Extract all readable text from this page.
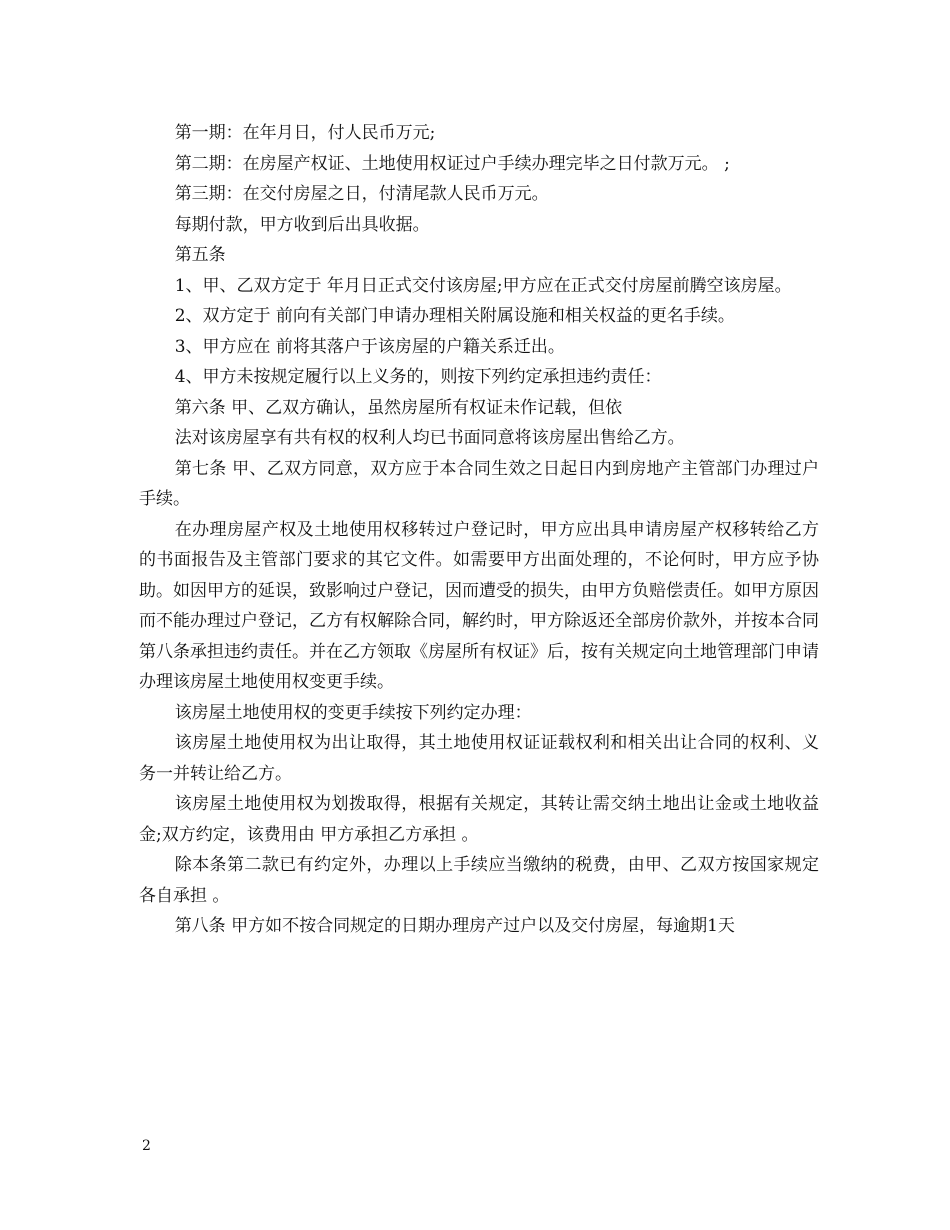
第一期：在年月日，付人民币万元;

第二期：在房屋产权证、土地使用权证过户手续办理完毕之日付款万元。 ;

第三期：在交付房屋之日，付清尾款人民币万元。

每期付款，甲方收到后出具收据。

第五条

1、甲、乙双方定于 年月日正式交付该房屋;甲方应在正式交付房屋前腾空该房屋。

2、双方定于 前向有关部门申请办理相关附属设施和相关权益的更名手续。

3、甲方应在 前将其落户于该房屋的户籍关系迁出。

4、甲方未按规定履行以上义务的，则按下列约定承担违约责任：

第六条 甲、乙双方确认，虽然房屋所有权证未作记载，但依

法对该房屋享有共有权的权利人均已书面同意将该房屋出售给乙方。

第七条 甲、乙双方同意，双方应于本合同生效之日起日内到房地产主管部门办理过户手续。

在办理房屋产权及土地使用权移转过户登记时，甲方应出具申请房屋产权移转给乙方的书面报告及主管部门要求的其它文件。如需要甲方出面处理的，不论何时，甲方应予协助。如因甲方的延误，致影响过户登记，因而遭受的损失，由甲方负赔偿责任。如甲方原因而不能办理过户登记，乙方有权解除合同，解约时，甲方除返还全部房价款外，并按本合同第八条承担违约责任。并在乙方领取《房屋所有权证》后，按有关规定向土地管理部门申请办理该房屋土地使用权变更手续。

该房屋土地使用权的变更手续按下列约定办理：

该房屋土地使用权为出让取得，其土地使用权证证载权利和相关出让合同的权利、义务一并转让给乙方。

该房屋土地使用权为划拨取得，根据有关规定，其转让需交纳土地出让金或土地收益金;双方约定，该费用由 甲方承担乙方承担 。

除本条第二款已有约定外，办理以上手续应当缴纳的税费，由甲、乙双方按国家规定各自承担 。

第八条 甲方如不按合同规定的日期办理房产过户以及交付房屋，每逾期1天

2
